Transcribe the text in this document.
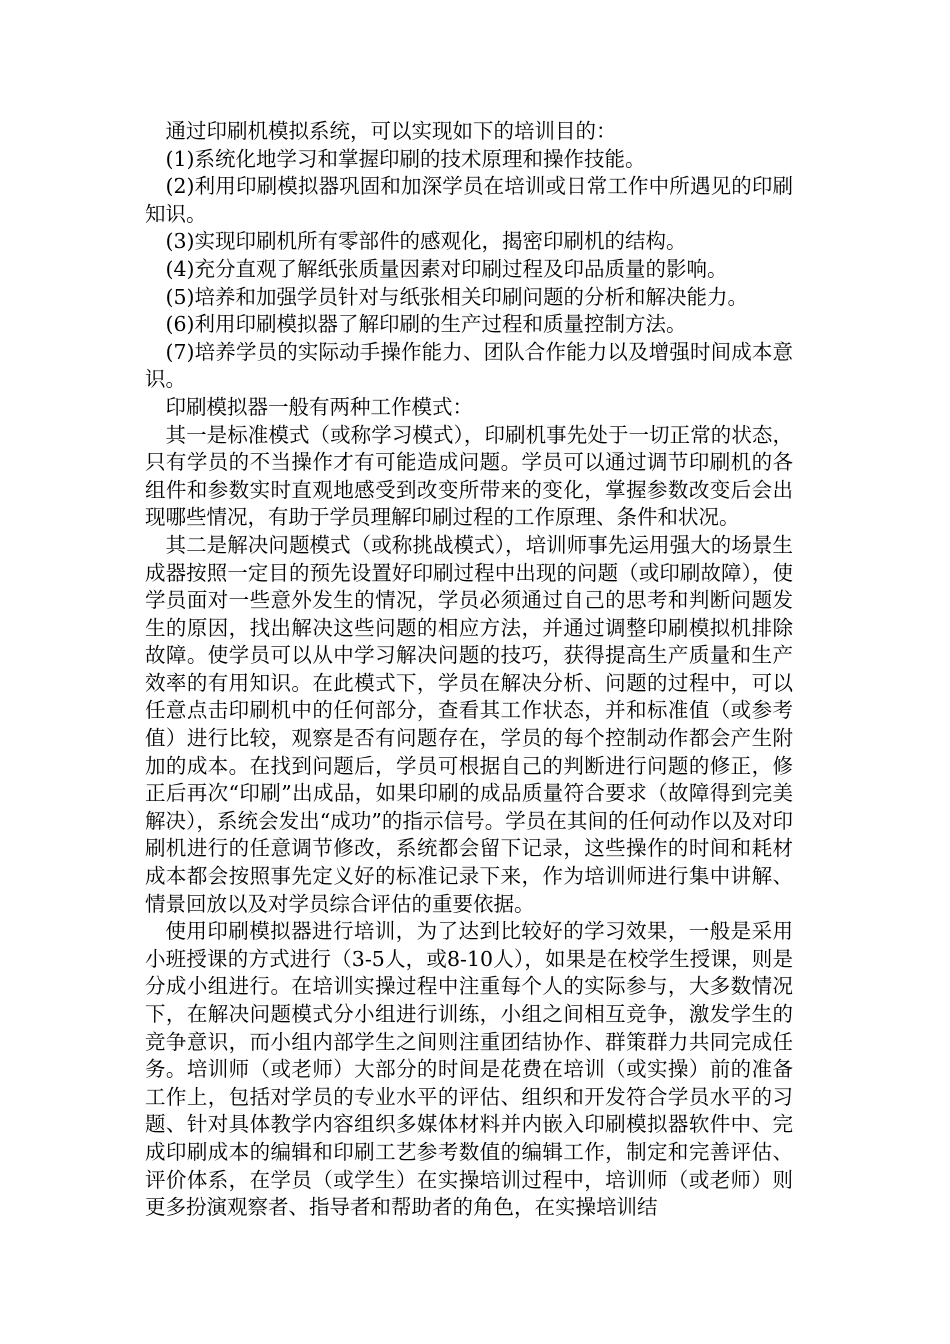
通过印刷机模拟系统，可以实现如下的培训目的：

(1)系统化地学习和掌握印刷的技术原理和操作技能。

(2)利用印刷模拟器巩固和加深学员在培训或日常工作中所遇见的印刷知识。

(3)实现印刷机所有零部件的感观化，揭密印刷机的结构。

(4)充分直观了解纸张质量因素对印刷过程及印品质量的影响。

(5)培养和加强学员针对与纸张相关印刷问题的分析和解决能力。

(6)利用印刷模拟器了解印刷的生产过程和质量控制方法。

(7)培养学员的实际动手操作能力、团队合作能力以及增强时间成本意识。

印刷模拟器一般有两种工作模式：

其一是标准模式（或称学习模式），印刷机事先处于一切正常的状态，只有学员的不当操作才有可能造成问题。学员可以通过调节印刷机的各组件和参数实时直观地感受到改变所带来的变化，掌握参数改变后会出现哪些情况，有助于学员理解印刷过程的工作原理、条件和状况。

其二是解决问题模式（或称挑战模式），培训师事先运用强大的场景生成器按照一定目的预先设置好印刷过程中出现的问题（或印刷故障），使学员面对一些意外发生的情况，学员必须通过自己的思考和判断问题发生的原因，找出解决这些问题的相应方法，并通过调整印刷模拟机排除故障。使学员可以从中学习解决问题的技巧，获得提高生产质量和生产效率的有用知识。在此模式下，学员在解决分析、问题的过程中，可以任意点击印刷机中的任何部分，查看其工作状态，并和标准值（或参考值）进行比较，观察是否有问题存在，学员的每个控制动作都会产生附加的成本。在找到问题后，学员可根据自己的判断进行问题的修正，修正后再次“印刷”出成品，如果印刷的成品质量符合要求（故障得到完美解决），系统会发出“成功”的指示信号。学员在其间的任何动作以及对印刷机进行的任意调节修改，系统都会留下记录，这些操作的时间和耗材成本都会按照事先定义好的标准记录下来，作为培训师进行集中讲解、情景回放以及对学员综合评估的重要依据。

使用印刷模拟器进行培训，为了达到比较好的学习效果，一般是采用小班授课的方式进行（3-5人，或8-10人），如果是在校学生授课，则是分成小组进行。在培训实操过程中注重每个人的实际参与，大多数情况下，在解决问题模式分小组进行训练，小组之间相互竞争，激发学生的竞争意识，而小组内部学生之间则注重团结协作、群策群力共同完成任务。培训师（或老师）大部分的时间是花费在培训（或实操）前的准备工作上，包括对学员的专业水平的评估、组织和开发符合学员水平的习题、针对具体教学内容组织多媒体材料并内嵌入印刷模拟器软件中、完成印刷成本的编辑和印刷工艺参考数值的编辑工作，制定和完善评估、评价体系，在学员（或学生）在实操培训过程中，培训师（或老师）则更多扮演观察者、指导者和帮助者的角色，在实操培训结
